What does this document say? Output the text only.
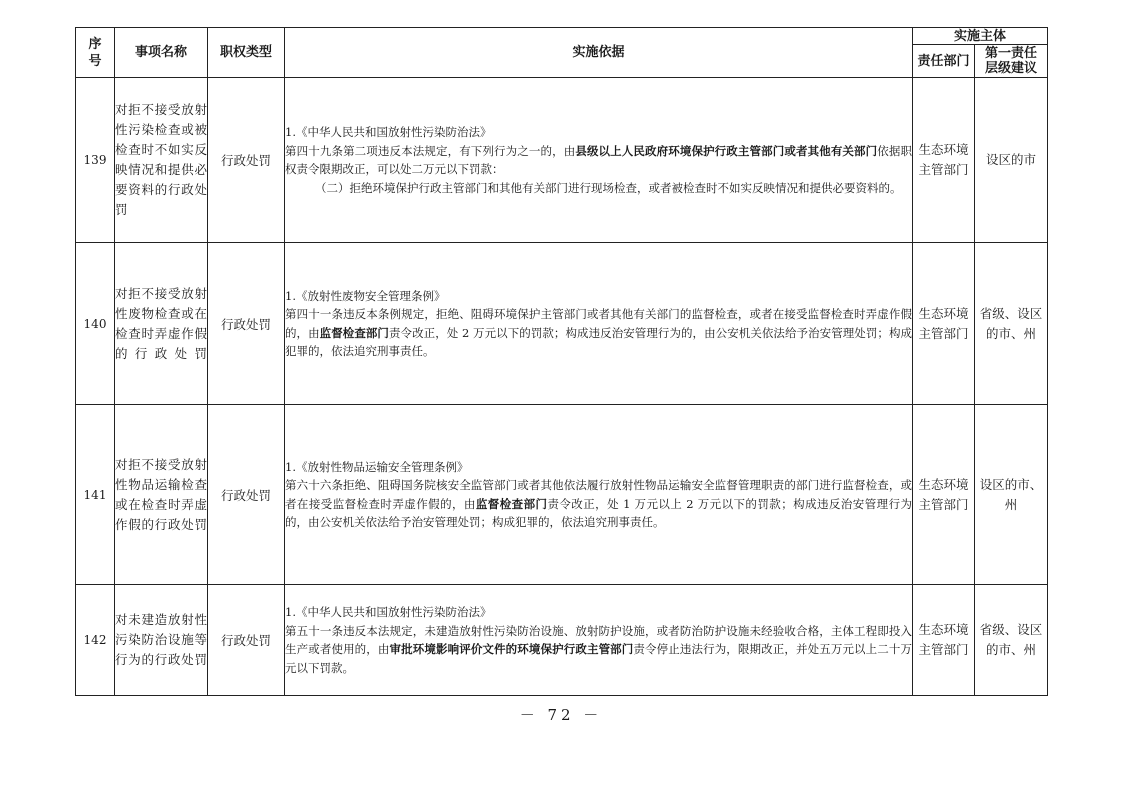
序号	事项名称	职权类型	实施依据	实施主体	
				责任部门	第一责任层级建议
139	对拒不接受放射性污染检查或被检查时不如实反映情况和提供必要资料的行政处罚	行政处罚	1.《中华人民共和国放射性污染防治法》
第四十九条第二项违反本法规定，有下列行为之一的，由县级以上人民政府环境保护行政主管部门或者其他有关部门依据职权责令限期改正，可以处二万元以下罚款：
（二）拒绝环境保护行政主管部门和其他有关部门进行现场检查，或者被检查时不如实反映情况和提供必要资料的。	生态环境主管部门	设区的市
140	对拒不接受放射性废物检查或在检查时弄虚作假的行政处罚	行政处罚	1.《放射性废物安全管理条例》
第四十一条违反本条例规定，拒绝、阻碍环境保护主管部门或者其他有关部门的监督检查，或者在接受监督检查时弄虚作假的，由监督检查部门责令改正，处 2 万元以下的罚款；构成违反治安管理行为的，由公安机关依法给予治安管理处罚；构成犯罪的，依法追究刑事责任。	生态环境主管部门	省级、设区的市、州
141	对拒不接受放射性物品运输检查或在检查时弄虚作假的行政处罚	行政处罚	1.《放射性物品运输安全管理条例》
第六十六条拒绝、阻碍国务院核安全监管部门或者其他依法履行放射性物品运输安全监督管理职责的部门进行监督检查，或者在接受监督检查时弄虚作假的，由监督检查部门责令改正，处 1 万元以上 2 万元以下的罚款；构成违反治安管理行为的，由公安机关依法给予治安管理处罚；构成犯罪的，依法追究刑事责任。	生态环境主管部门	设区的市、州
142	对未建造放射性污染防治设施等行为的行政处罚	行政处罚	1.《中华人民共和国放射性污染防治法》
第五十一条违反本法规定，未建造放射性污染防治设施、放射防护设施，或者防治防护设施未经验收合格，主体工程即投入生产或者使用的，由审批环境影响评价文件的环境保护行政主管部门责令停止违法行为，限期改正，并处五万元以上二十万元以下罚款。	生态环境主管部门	省级、设区的市、州
－ 72 －
